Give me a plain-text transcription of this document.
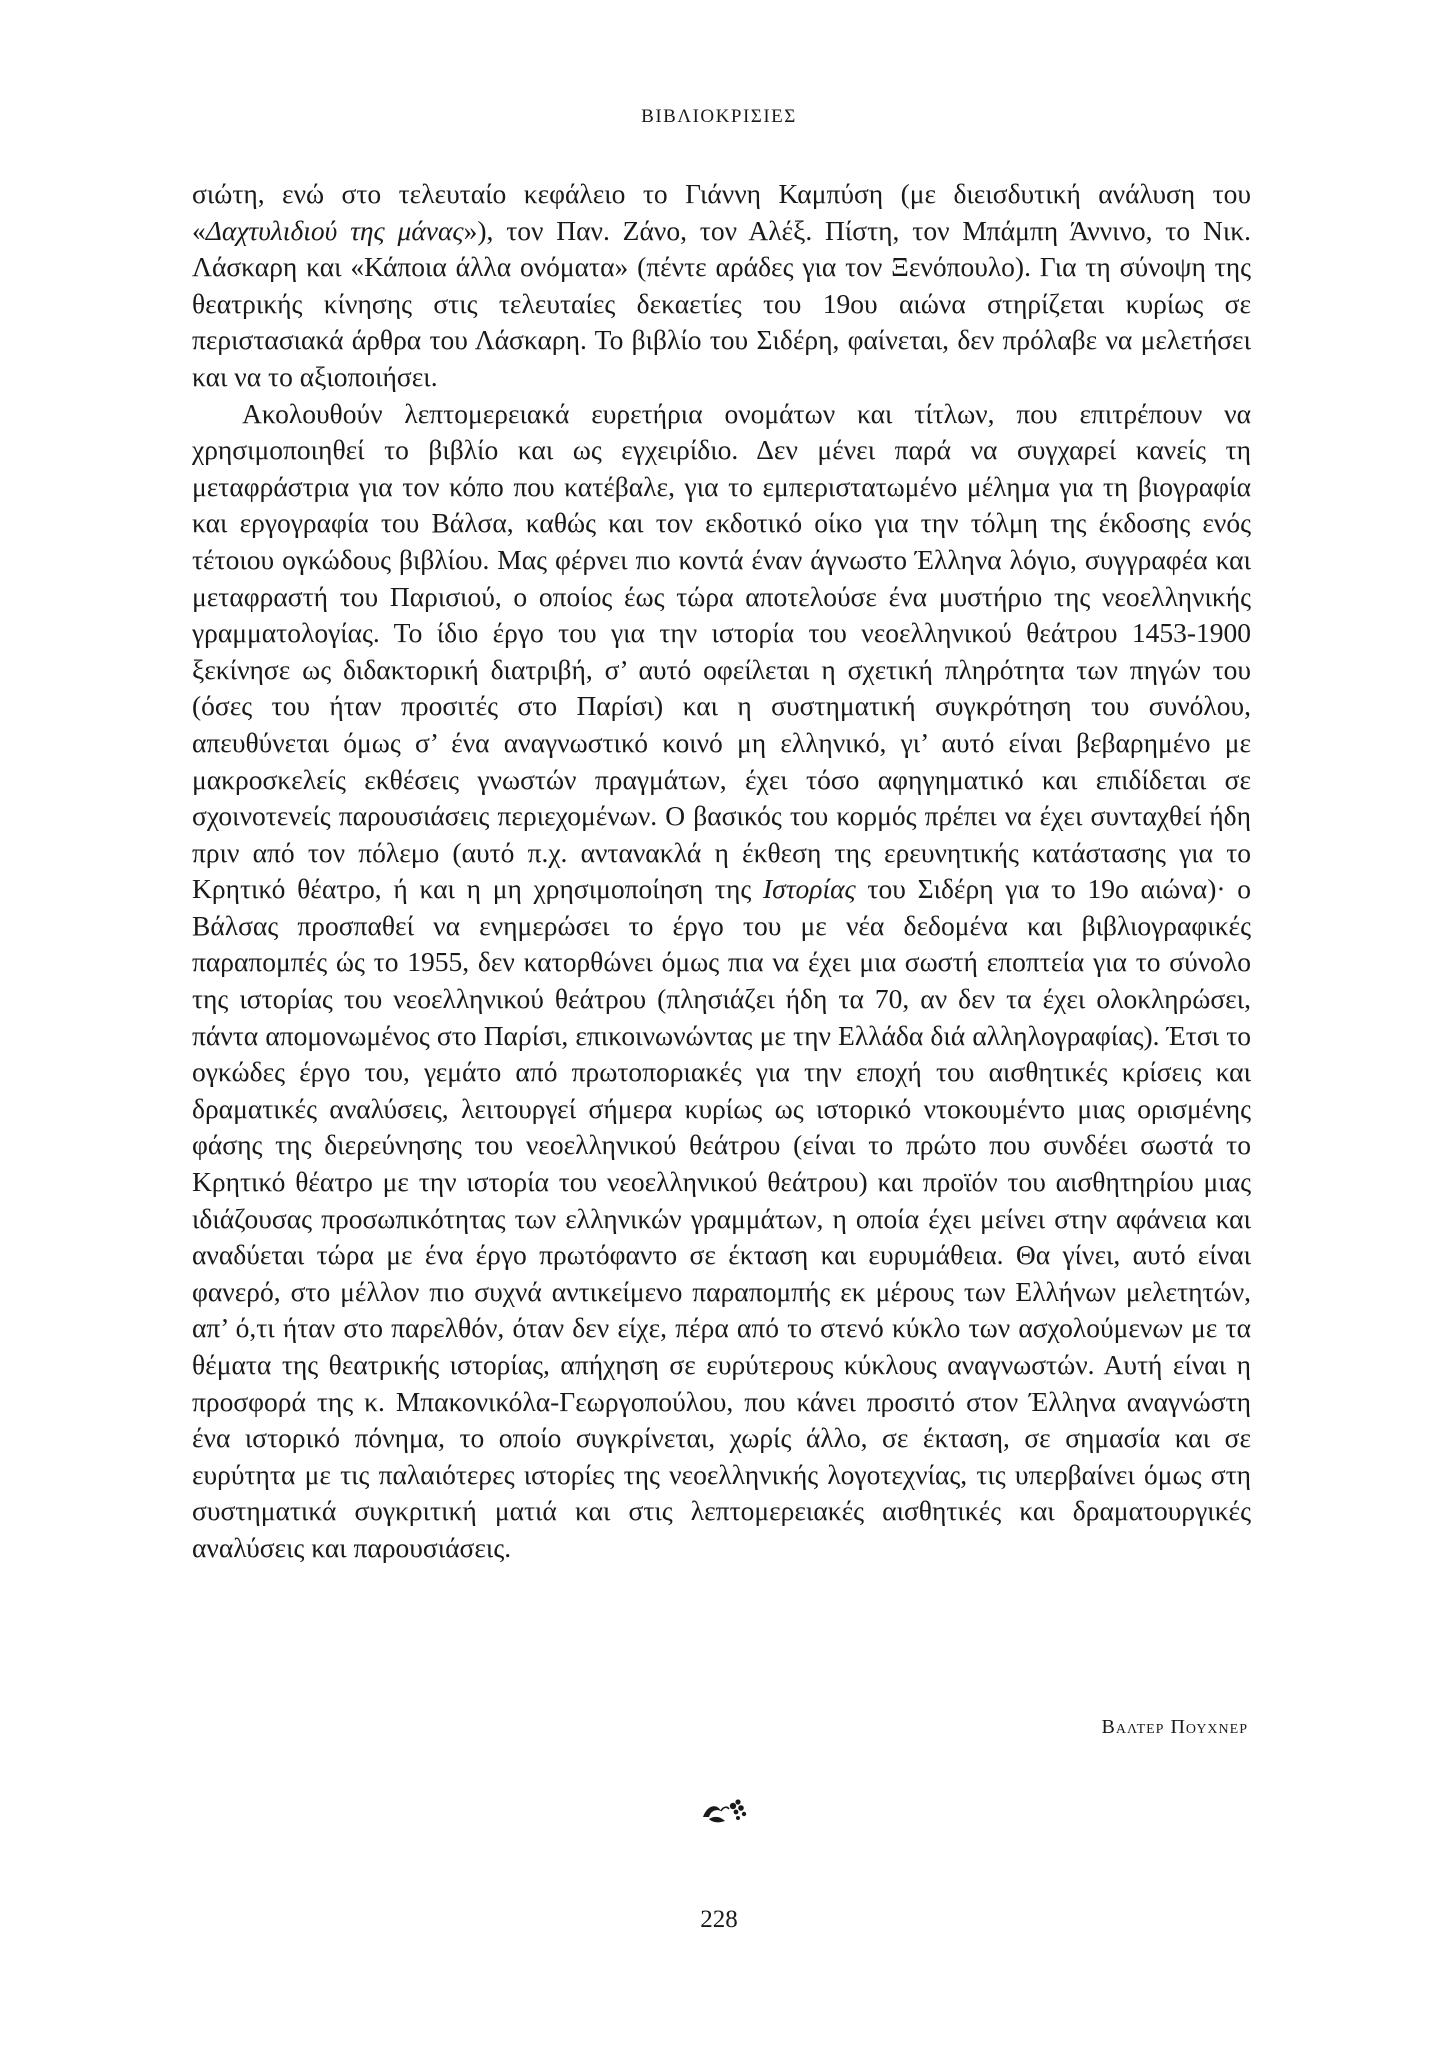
ΒΙΒΛΙΟΚΡΙΣΙΕΣ

σιώτη, ενώ στο τελευταίο κεφάλειο το Γιάννη Καμπύση (με διεισδυτική ανάλυση του «Δαχτυλιδιού της μάνας»), τον Παν. Ζάνο, τον Αλέξ. Πίστη, τον Μπάμπη Άννινο, το Νικ. Λάσκαρη και «Κάποια άλλα ονόματα» (πέντε αράδες για τον Ξενόπουλο). Για τη σύνοψη της θεατρικής κίνησης στις τελευταίες δεκαετίες του 19ου αιώνα στηρίζεται κυρίως σε περιστασιακά άρθρα του Λάσκαρη. Το βιβλίο του Σιδέρη, φαίνεται, δεν πρόλαβε να μελετήσει και να το αξιοποιήσει.

Ακολουθούν λεπτομερειακά ευρετήρια ονομάτων και τίτλων, που επιτρέπουν να χρησιμοποιηθεί το βιβλίο και ως εγχειρίδιο. Δεν μένει παρά να συγχαρεί κανείς τη μεταφράστρια για τον κόπο που κατέβαλε, για το εμπεριστατωμένο μέλημα για τη βιογραφία και εργογραφία του Βάλσα, καθώς και τον εκδοτικό οίκο για την τόλμη της έκδοσης ενός τέτοιου ογκώδους βιβλίου. Μας φέρνει πιο κοντά έναν άγνωστο Έλληνα λόγιο, συγγραφέα και μεταφραστή του Παρισιού, ο οποίος έως τώρα αποτελούσε ένα μυστήριο της νεοελληνικής γραμματολογίας. Το ίδιο έργο του για την ιστορία του νεοελληνικού θεάτρου 1453-1900 ξεκίνησε ως διδακτορική διατριβή, σ’ αυτό οφείλεται η σχετική πληρότητα των πηγών του (όσες του ήταν προσιτές στο Παρίσι) και η συστηματική συγκρότηση του συνόλου, απευθύνεται όμως σ’ ένα αναγνωστικό κοινό μη ελληνικό, γι’ αυτό είναι βεβαρημένο με μακροσκελείς εκθέσεις γνωστών πραγμάτων, έχει τόσο αφηγηματικό και επιδίδεται σε σχοινοτενείς παρουσιάσεις περιεχομένων. Ο βασικός του κορμός πρέπει να έχει συνταχθεί ήδη πριν από τον πόλεμο (αυτό π.χ. αντανακλά η έκθεση της ερευνητικής κατάστασης για το Κρητικό θέατρο, ή και η μη χρησιμοποίηση της Ιστορίας του Σιδέρη για το 19ο αιώνα)· ο Βάλσας προσπαθεί να ενημερώσει το έργο του με νέα δεδομένα και βιβλιογραφικές παραπομπές ώς το 1955, δεν κατορθώνει όμως πια να έχει μια σωστή εποπτεία για το σύνολο της ιστορίας του νεοελληνικού θεάτρου (πλησιάζει ήδη τα 70, αν δεν τα έχει ολοκληρώσει, πάντα απομονωμένος στο Παρίσι, επικοινωνώντας με την Ελλάδα διά αλληλογραφίας). Έτσι το ογκώδες έργο του, γεμάτο από πρωτοποριακές για την εποχή του αισθητικές κρίσεις και δραματικές αναλύσεις, λειτουργεί σήμερα κυρίως ως ιστορικό ντοκουμέντο μιας ορισμένης φάσης της διερεύνησης του νεοελληνικού θεάτρου (είναι το πρώτο που συνδέει σωστά το Κρητικό θέατρο με την ιστορία του νεοελληνικού θεάτρου) και προϊόν του αισθητηρίου μιας ιδιάζουσας προσωπικότητας των ελληνικών γραμμάτων, η οποία έχει μείνει στην αφάνεια και αναδύεται τώρα με ένα έργο πρωτόφαντο σε έκταση και ευρυμάθεια. Θα γίνει, αυτό είναι φανερό, στο μέλλον πιο συχνά αντικείμενο παραπομπής εκ μέρους των Ελλήνων μελετητών, απ’ ό,τι ήταν στο παρελθόν, όταν δεν είχε, πέρα από το στενό κύκλο των ασχολούμενων με τα θέματα της θεατρικής ιστορίας, απήχηση σε ευρύτερους κύκλους αναγνωστών. Αυτή είναι η προσφορά της κ. Μπακονικόλα-Γεωργοπούλου, που κάνει προσιτό στον Έλληνα αναγνώστη ένα ιστορικό πόνημα, το οποίο συγκρίνεται, χωρίς άλλο, σε έκταση, σε σημασία και σε ευρύτητα με τις παλαιότερες ιστορίες της νεοελληνικής λογοτεχνίας, τις υπερβαίνει όμως στη συστηματικά συγκριτική ματιά και στις λεπτομερειακές αισθητικές και δραματουργικές αναλύσεις και παρουσιάσεις.

Βαλτερ Πουχνερ
228
